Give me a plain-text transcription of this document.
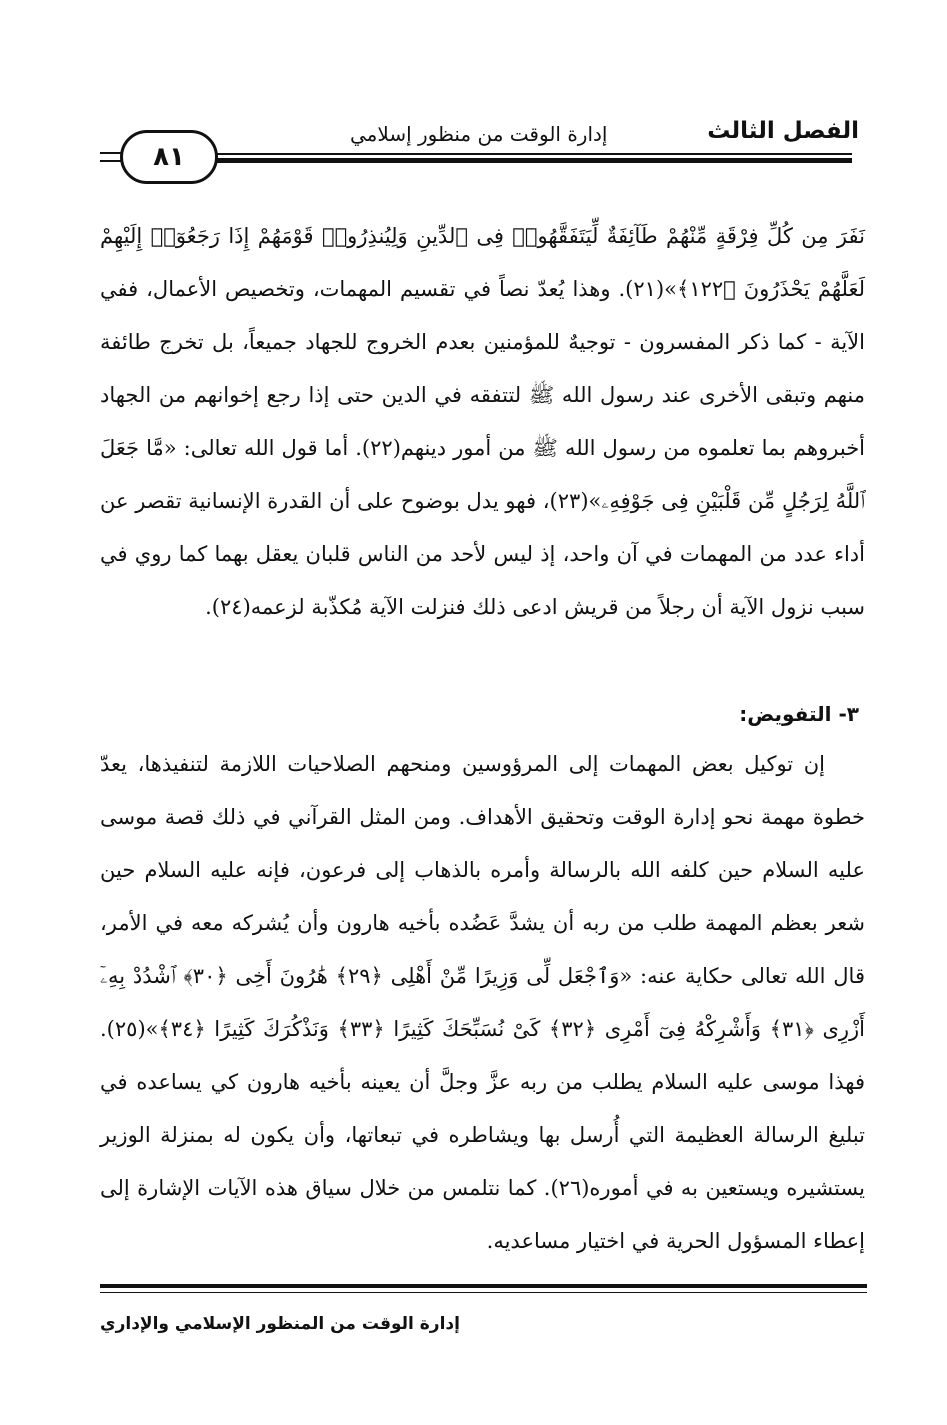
الفصل الثالث
إدارة الوقت من منظور إسلامي
٨١

نَفَرَ مِن كُلِّ فِرْقَةٍ مِّنْهُمْ طَآئِفَةٌ لِّيَتَفَقَّهُوا۟ فِى ٱلدِّينِ وَلِيُنذِرُوا۟ قَوْمَهُمْ إِذَا رَجَعُوٓا۟ إِلَيْهِمْ لَعَلَّهُمْ يَحْذَرُونَ ﴿١٢٢﴾»(٢١). وهذا يُعدّ نصاً في تقسيم المهمات، وتخصيص الأعمال، ففي الآية - كما ذكر المفسرون - توجيهٌ للمؤمنين بعدم الخروج للجهاد جميعاً، بل تخرج طائفة منهم وتبقى الأخرى عند رسول الله ﷺ لتتفقه في الدين حتى إذا رجع إخوانهم من الجهاد أخبروهم بما تعلموه من رسول الله ﷺ من أمور دينهم(٢٢). أما قول الله تعالى: «مَّا جَعَلَ ٱللَّهُ لِرَجُلٍ مِّن قَلْبَيْنِ فِى جَوْفِهِۦ»(٢٣)، فهو يدل بوضوح على أن القدرة الإنسانية تقصر عن أداء عدد من المهمات في آن واحد، إذ ليس لأحد من الناس قلبان يعقل بهما كما روي في سبب نزول الآية أن رجلاً من قريش ادعى ذلك فنزلت الآية مُكذّبة لزعمه(٢٤).

٣- التفويض:

إن توكيل بعض المهمات إلى المرؤوسين ومنحهم الصلاحيات اللازمة لتنفيذها، يعدّ خطوة مهمة نحو إدارة الوقت وتحقيق الأهداف. ومن المثل القرآني في ذلك قصة موسى عليه السلام حين كلفه الله بالرسالة وأمره بالذهاب إلى فرعون، فإنه عليه السلام حين شعر بعظم المهمة طلب من ربه أن يشدَّ عَضُده بأخيه هارون وأن يُشركه معه في الأمر، قال الله تعالى حكاية عنه: «وَٱجْعَل لِّى وَزِيرًا مِّنْ أَهْلِى ﴿٢٩﴾ هَٰرُونَ أَخِى ﴿٣٠﴾ ٱشْدُدْ بِهِۦٓ أَزْرِى ﴿٣١﴾ وَأَشْرِكْهُ فِىٓ أَمْرِى ﴿٣٢﴾ كَىْ نُسَبِّحَكَ كَثِيرًا ﴿٣٣﴾ وَنَذْكُرَكَ كَثِيرًا ﴿٣٤﴾»(٢٥). فهذا موسى عليه السلام يطلب من ربه عزَّ وجلَّ أن يعينه بأخيه هارون كي يساعده في تبليغ الرسالة العظيمة التي أُرسل بها ويشاطره في تبعاتها، وأن يكون له بمنزلة الوزير يستشيره ويستعين به في أموره(٢٦). كما نتلمس من خلال سياق هذه الآيات الإشارة إلى إعطاء المسؤول الحرية في اختيار مساعديه.

إدارة الوقت من المنظور الإسلامي والإداري
